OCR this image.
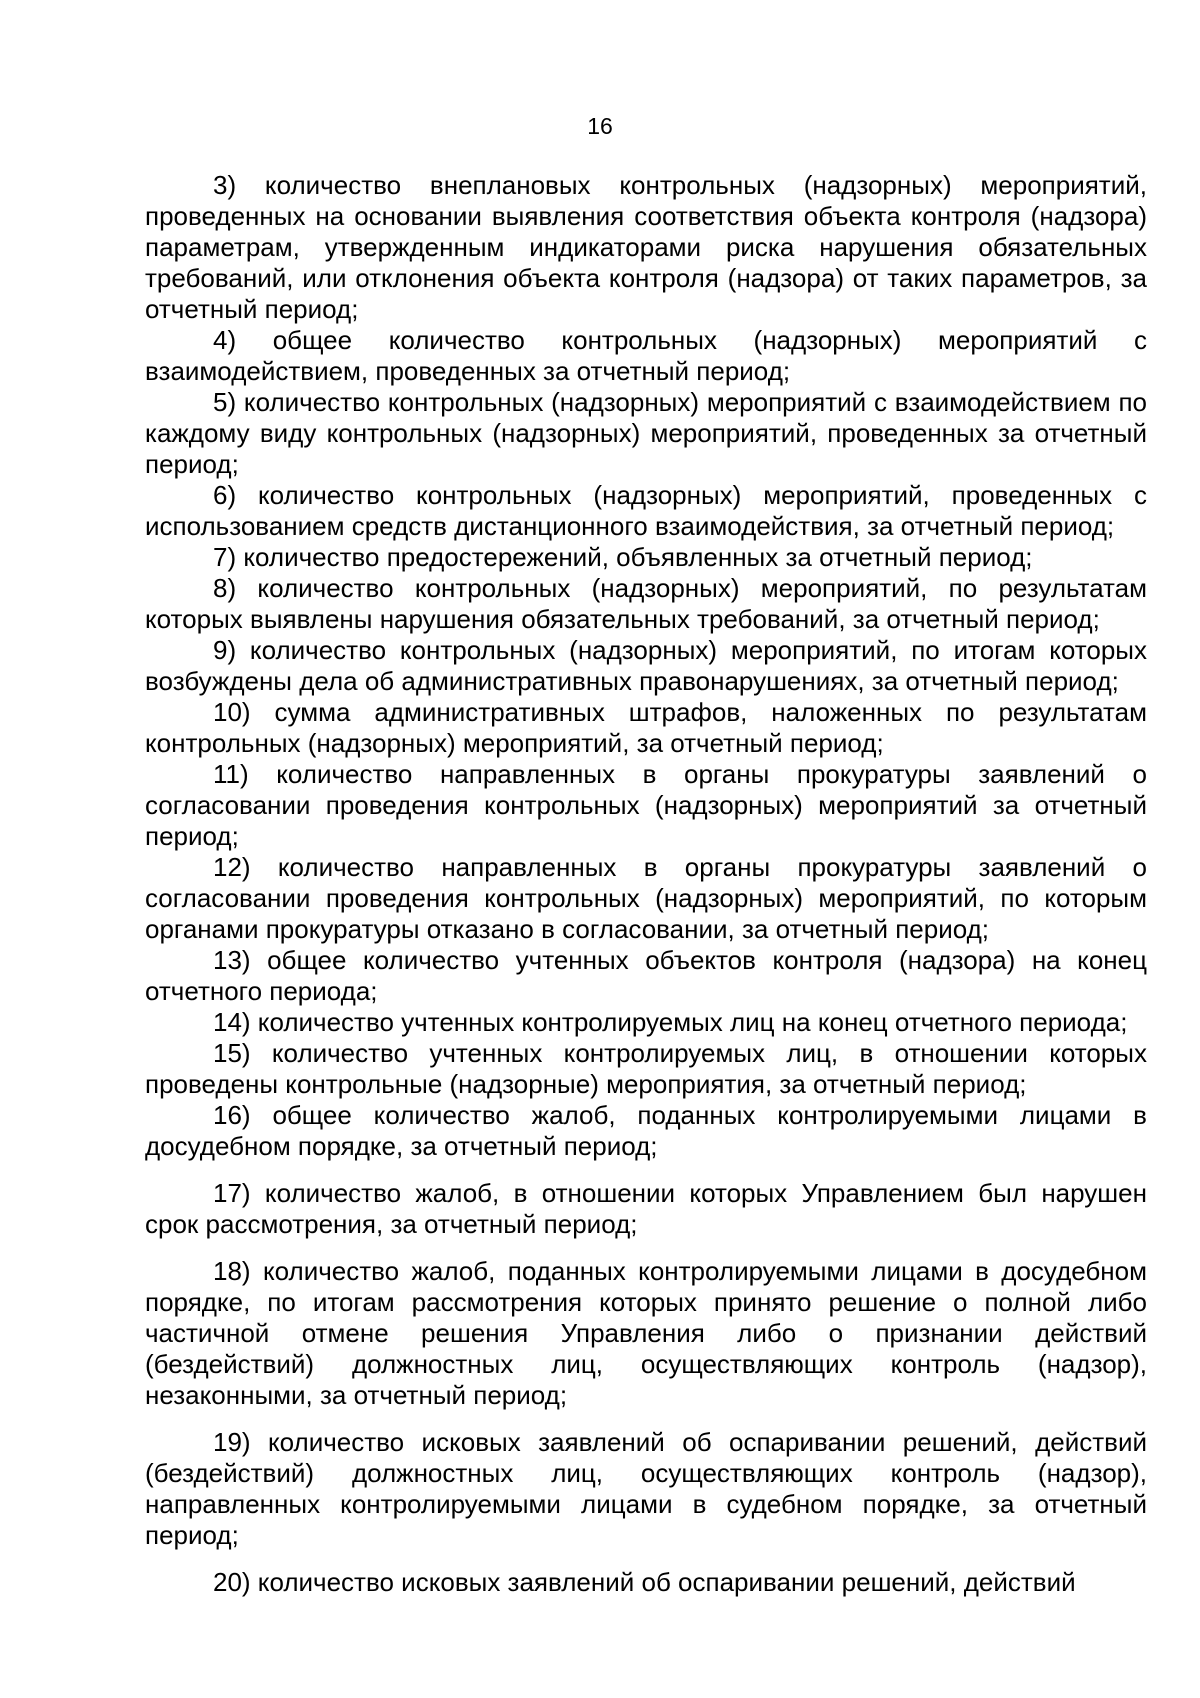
16

3) количество внеплановых контрольных (надзорных) мероприятий, проведенных на основании выявления соответствия объекта контроля (надзора) параметрам, утвержденным индикаторами риска нарушения обязательных требований, или отклонения объекта контроля (надзора) от таких параметров, за отчетный период;

4) общее количество контрольных (надзорных) мероприятий с взаимодействием, проведенных за отчетный период;

5) количество контрольных (надзорных) мероприятий с взаимодействием по каждому виду контрольных (надзорных) мероприятий, проведенных за отчетный период;

6) количество контрольных (надзорных) мероприятий, проведенных с использованием средств дистанционного взаимодействия, за отчетный период;

7) количество предостережений, объявленных за отчетный период;

8) количество контрольных (надзорных) мероприятий, по результатам которых выявлены нарушения обязательных требований, за отчетный период;

9) количество контрольных (надзорных) мероприятий, по итогам которых возбуждены дела об административных правонарушениях, за отчетный период;

10) сумма административных штрафов, наложенных по результатам контрольных (надзорных) мероприятий, за отчетный период;

11) количество направленных в органы прокуратуры заявлений о согласовании проведения контрольных (надзорных) мероприятий за отчетный период;

12) количество направленных в органы прокуратуры заявлений о согласовании проведения контрольных (надзорных) мероприятий, по которым органами прокуратуры отказано в согласовании, за отчетный период;

13) общее количество учтенных объектов контроля (надзора) на конец отчетного периода;

14) количество учтенных контролируемых лиц на конец отчетного периода;

15) количество учтенных контролируемых лиц, в отношении которых проведены контрольные (надзорные) мероприятия, за отчетный период;

16) общее количество жалоб, поданных контролируемыми лицами в досудебном порядке, за отчетный период;

17) количество жалоб, в отношении которых Управлением был нарушен срок рассмотрения, за отчетный период;

18) количество жалоб, поданных контролируемыми лицами в досудебном порядке, по итогам рассмотрения которых принято решение о полной либо частичной отмене решения Управления либо о признании действий (бездействий) должностных лиц, осуществляющих контроль (надзор), незаконными, за отчетный период;

19) количество исковых заявлений об оспаривании решений, действий (бездействий) должностных лиц, осуществляющих контроль (надзор), направленных контролируемыми лицами в судебном порядке, за отчетный период;

20) количество исковых заявлений об оспаривании решений, действий
